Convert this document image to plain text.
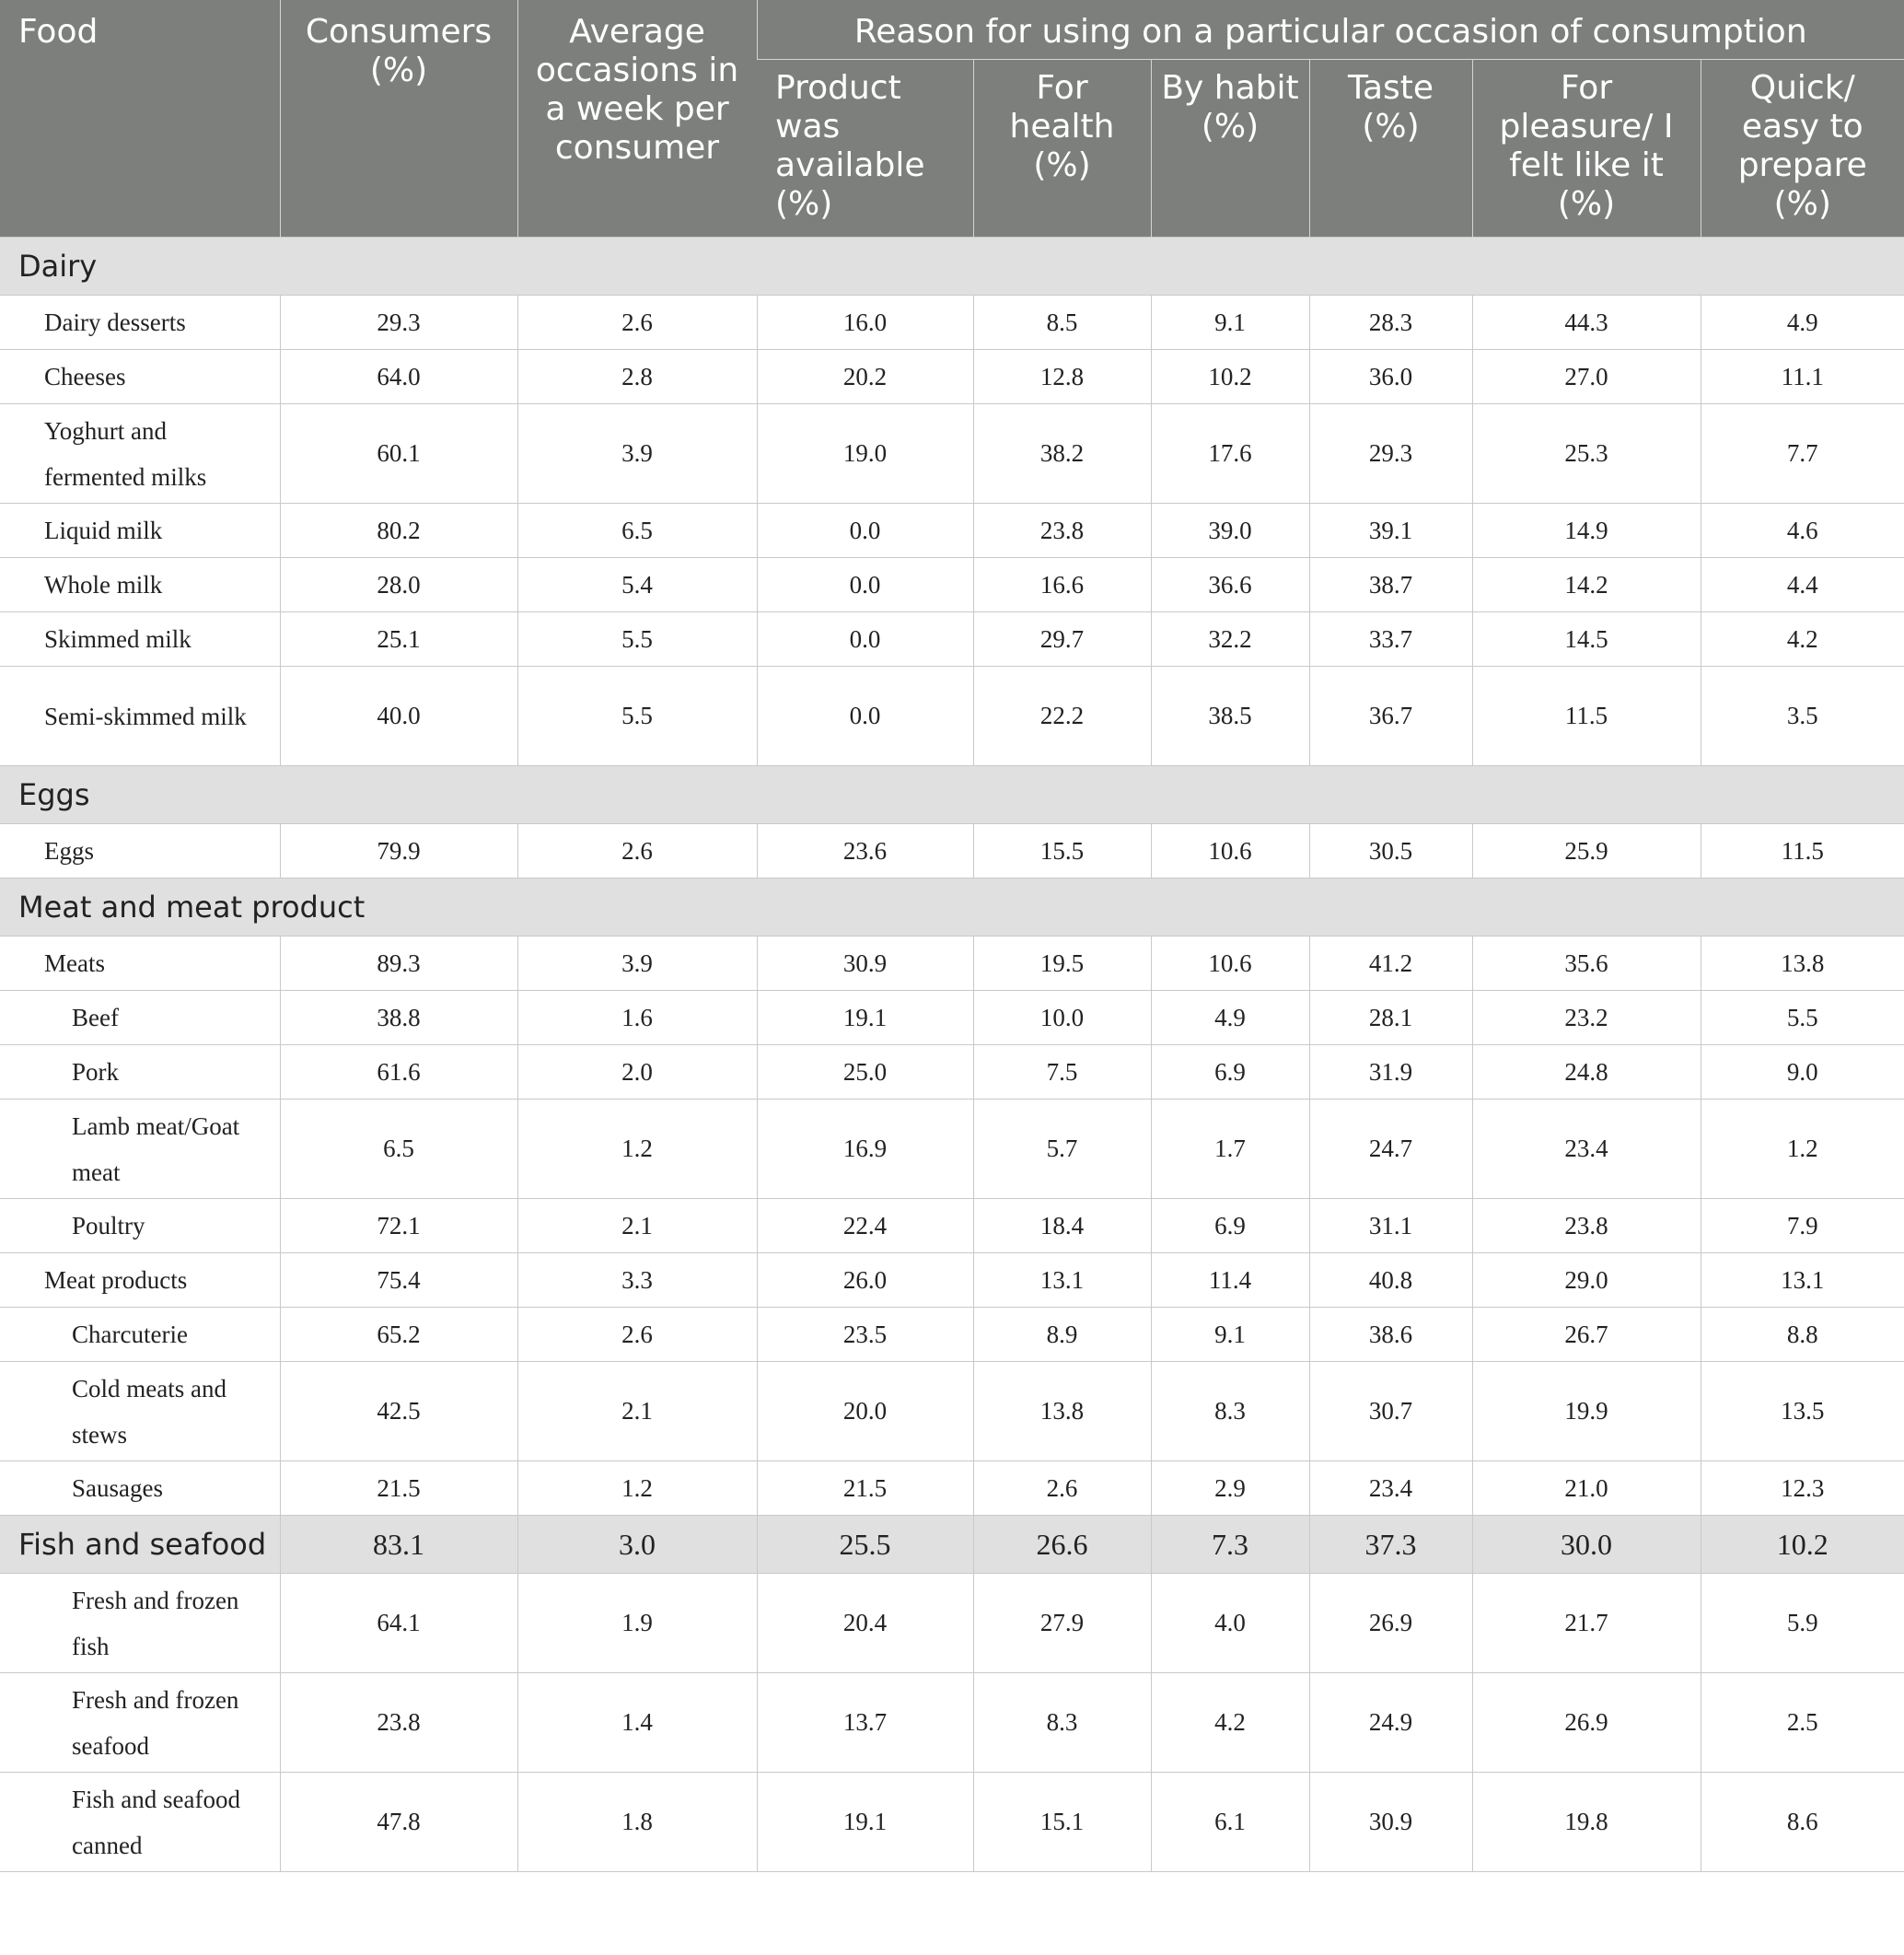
Food	Consumers (%)	Average occasions in a week per consumer	Reason for using on a particular occasion of consumption					
			Product was available (%)	For health (%)	By habit (%)	Taste (%)	For pleasure/ I felt like it (%)	Quick/ easy to prepare (%)
Dairy								
Dairy desserts	29.3	2.6	16.0	8.5	9.1	28.3	44.3	4.9
Cheeses	64.0	2.8	20.2	12.8	10.2	36.0	27.0	11.1
Yoghurt and fermented milks	60.1	3.9	19.0	38.2	17.6	29.3	25.3	7.7
Liquid milk	80.2	6.5	0.0	23.8	39.0	39.1	14.9	4.6
Whole milk	28.0	5.4	0.0	16.6	36.6	38.7	14.2	4.4
Skimmed milk	25.1	5.5	0.0	29.7	32.2	33.7	14.5	4.2
Semi-skimmed milk	40.0	5.5	0.0	22.2	38.5	36.7	11.5	3.5
Eggs								
Eggs	79.9	2.6	23.6	15.5	10.6	30.5	25.9	11.5
Meat and meat product								
Meats	89.3	3.9	30.9	19.5	10.6	41.2	35.6	13.8
Beef	38.8	1.6	19.1	10.0	4.9	28.1	23.2	5.5
Pork	61.6	2.0	25.0	7.5	6.9	31.9	24.8	9.0
Lamb meat/Goat meat	6.5	1.2	16.9	5.7	1.7	24.7	23.4	1.2
Poultry	72.1	2.1	22.4	18.4	6.9	31.1	23.8	7.9
Meat products	75.4	3.3	26.0	13.1	11.4	40.8	29.0	13.1
Charcuterie	65.2	2.6	23.5	8.9	9.1	38.6	26.7	8.8
Cold meats and stews	42.5	2.1	20.0	13.8	8.3	30.7	19.9	13.5
Sausages	21.5	1.2	21.5	2.6	2.9	23.4	21.0	12.3
Fish and seafood	83.1	3.0	25.5	26.6	7.3	37.3	30.0	10.2
Fresh and frozen fish	64.1	1.9	20.4	27.9	4.0	26.9	21.7	5.9
Fresh and frozen seafood	23.8	1.4	13.7	8.3	4.2	24.9	26.9	2.5
Fish and seafood canned	47.8	1.8	19.1	15.1	6.1	30.9	19.8	8.6
